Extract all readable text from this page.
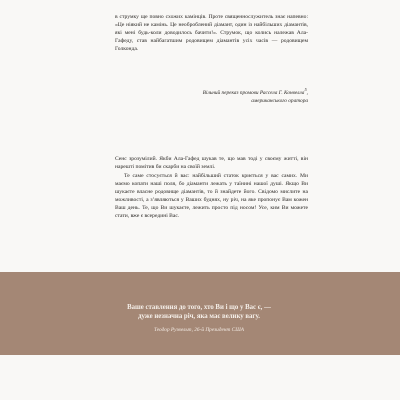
в струмку ще повно схожих камінців. Проте священнослужитель знає напевно: «Це ніякий не камінь. Це необроблений діамант, один із найбільших діамантів, які мені будь-коли доводилось бачити!». Струмок, що колись належав Ала-Гафеду, став найбагатшим родовищем діамантів усіх часів — родовищем Голконда.

Вільний переказ промови Рассела Г. Конвелла$^5$,
американського оратора

Сенс зрозумілий. Якби Ала-Гафед шукав те, що мав тоді у своєму житті, він нарешті помітив би скарби на своїй землі.

Те саме стосується й вас: найбільший статок криється у вас самих. Ми маємо копати наші поля, бо діаманти лежать у таїнині нашої душі. Якщо Ви шукаєте власне родовище діамантів, то й знайдете його. Свідомо мислите на можливості, а з’являються у Ваших буднях, ну річ, на яке пропонує Вам кожен Ваш день. Те, що Ви шукаєте, лежить просто під носом! Усе, ким Ви можете стати, вже є всередині Вас.

Ваше ставлення до того, хто Ви і що у Вас є, —
дуже незначна річ, яка має велику вагу.
Теодор Рузвельт, 26-й Президент США
